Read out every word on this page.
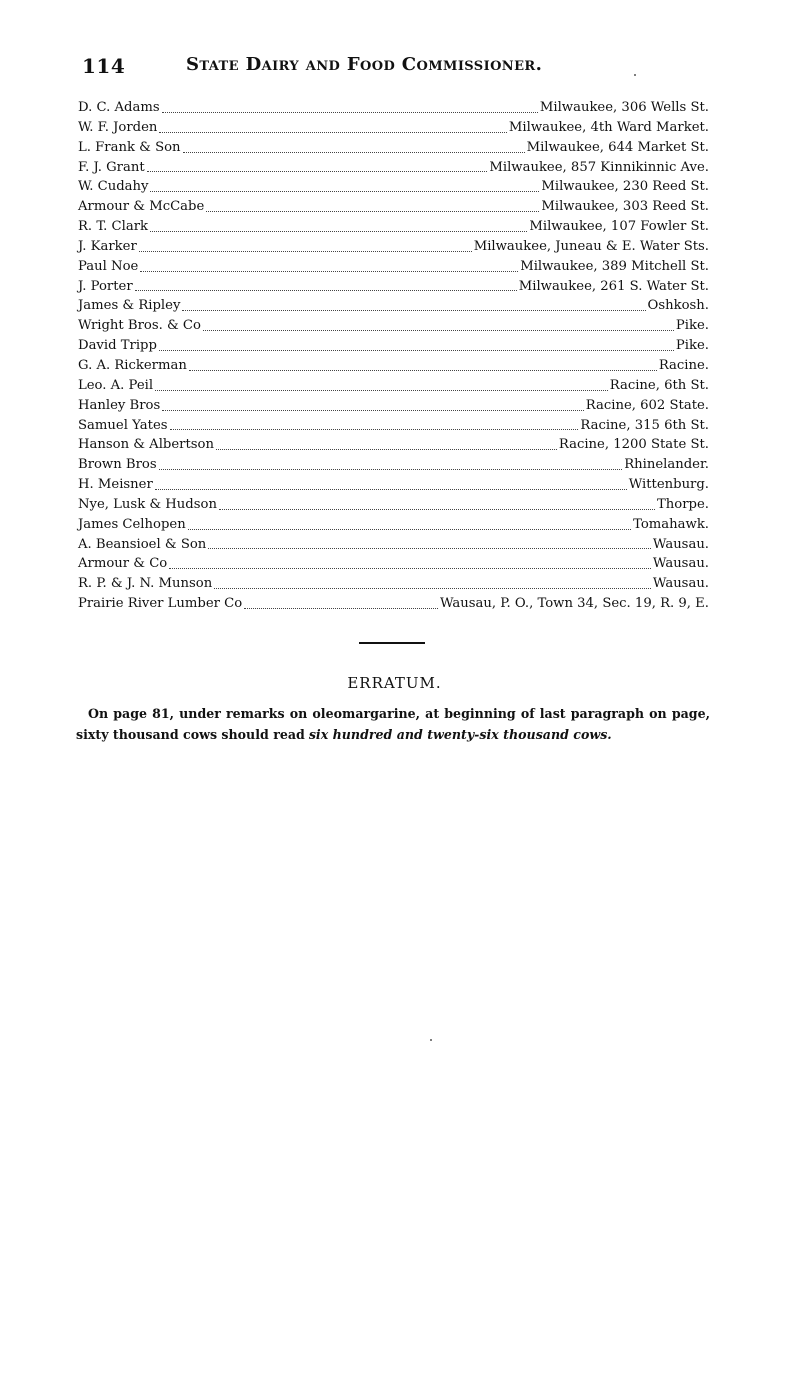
114	State Dairy and Food Commissioner.
D. C. Adams	Milwaukee, 306 Wells St.
W. F. Jorden	Milwaukee, 4th Ward Market.
L. Frank & Son	Milwaukee, 644 Market St.
F. J. Grant	Milwaukee, 857 Kinnikinnic Ave.
W. Cudahy	Milwaukee, 230 Reed St.
Armour & McCabe	Milwaukee, 303 Reed St.
R. T. Clark	Milwaukee, 107 Fowler St.
J. Karker	Milwaukee, Juneau & E. Water Sts.
Paul Noe	Milwaukee, 389 Mitchell St.
J. Porter	Milwaukee, 261 S. Water St.
James & Ripley	Oshkosh.
Wright Bros. & Co	Pike.
David Tripp	Pike.
G. A. Rickerman	Racine.
Leo. A. Peil	Racine, 6th St.
Hanley Bros	Racine, 602 State.
Samuel Yates	Racine, 315 6th St.
Hanson & Albertson	Racine, 1200 State St.
Brown Bros	Rhinelander.
H. Meisner	Wittenburg.
Nye, Lusk & Hudson	Thorpe.
James Celhopen	Tomahawk.
A. Beansioel & Son	Wausau.
Armour & Co	Wausau.
R. P. & J. N. Munson	Wausau.
Prairie River Lumber Co	Wausau, P. O., Town 34, Sec. 19, R. 9, E.
ERRATUM.
On page 81, under remarks on oleomargarine, at beginning of last paragraph on page, sixty thousand cows should read six hundred and twenty-six thousand cows.
